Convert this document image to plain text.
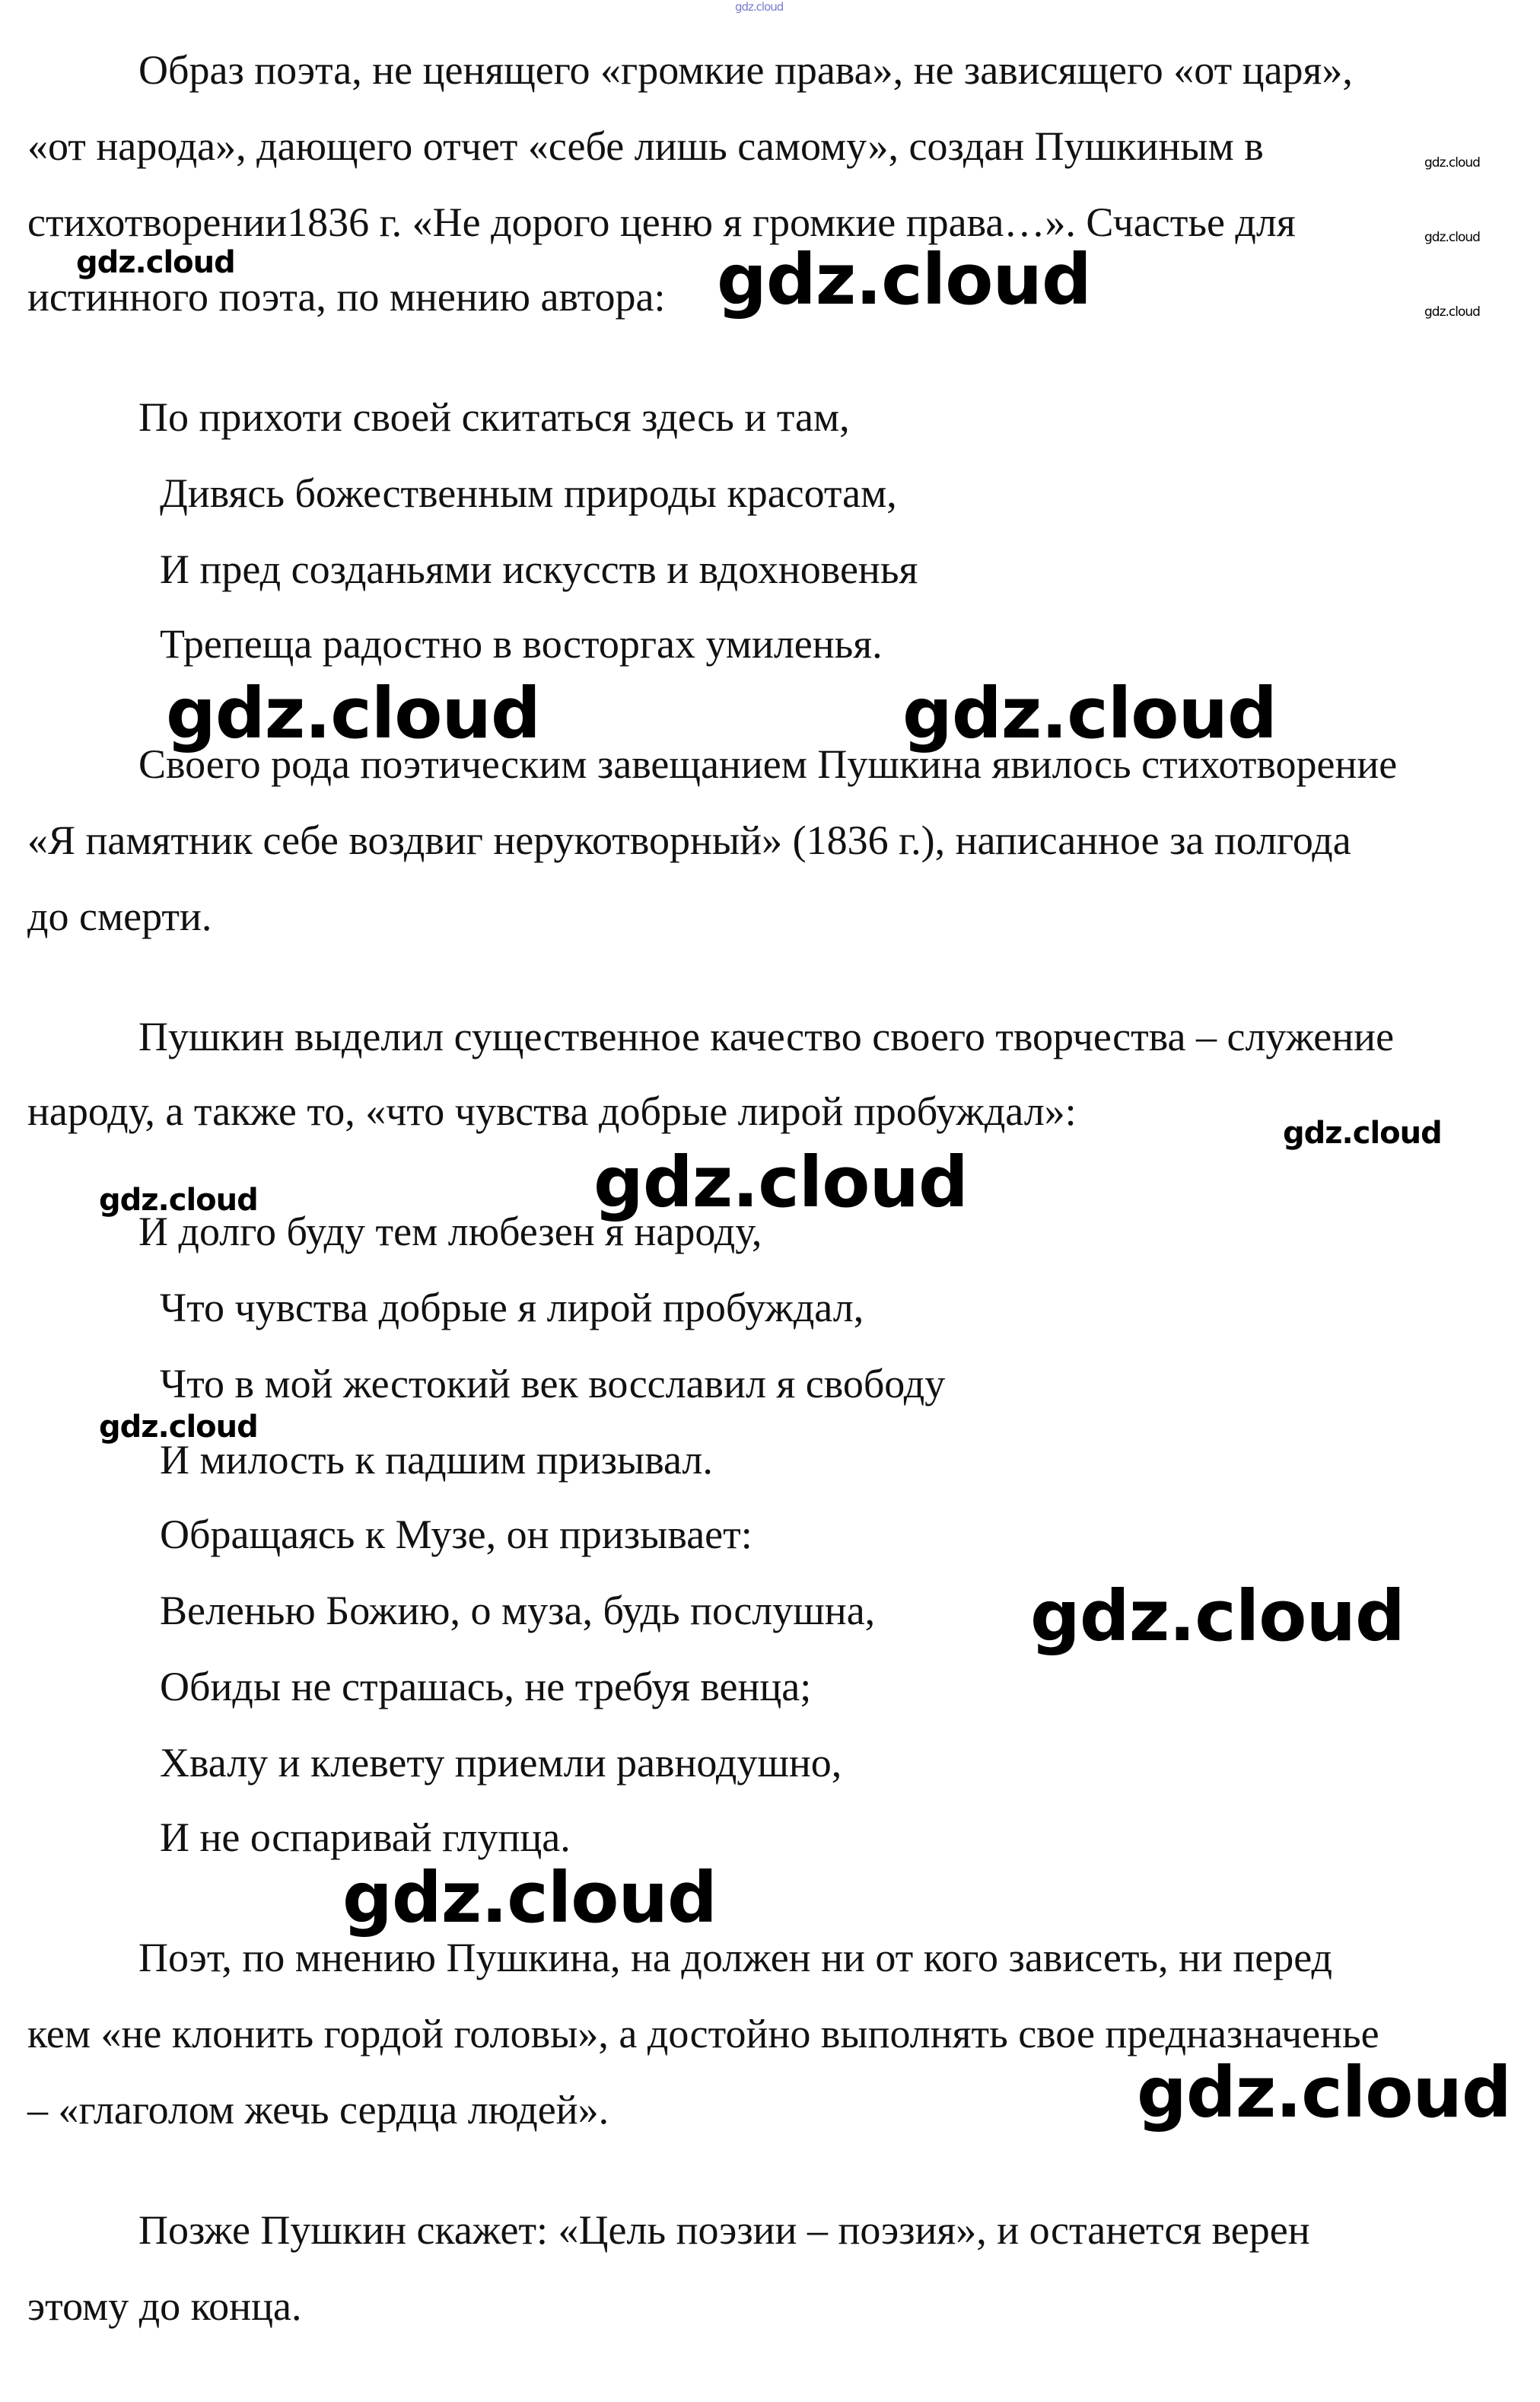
Образ поэта, не ценящего «громкие права», не зависящего «от царя»,
«от народа», дающего отчет «себе лишь самому», создан Пушкиным в
стихотворении1836 г. «Не дорого ценю я громкие права…». Счастье для
истинного поэта, по мнению автора:
По прихоти своей скитаться здесь и там,
Дивясь божественным природы красотам,
И пред созданьями искусств и вдохновенья
Трепеща радостно в восторгах умиленья.
Своего рода поэтическим завещанием Пушкина явилось стихотворение
«Я памятник себе воздвиг нерукотворный» (1836 г.), написанное за полгода
до смерти.
Пушкин выделил существенное качество своего творчества – служение
народу, а также то, «что чувства добрые лирой пробуждал»:
И долго буду тем любезен я народу,
Что чувства добрые я лирой пробуждал,
Что в мой жестокий век восславил я свободу
И милость к падшим призывал.
Обращаясь к Музе, он призывает:
Веленью Божию, о муза, будь послушна,
Обиды не страшась, не требуя венца;
Хвалу и клевету приемли равнодушно,
И не оспаривай глупца.
Поэт, по мнению Пушкина, на должен ни от кого зависеть, ни перед
кем «не клонить гордой головы», а достойно выполнять свое предназначенье
– «глаголом жечь сердца людей».
Позже Пушкин скажет: «Цель поэзии – поэзия», и останется верен
этому до конца.
gdz.cloud
gdz.cloud
gdz.cloud
gdz.cloud
gdz.cloud	gdz.cloud
gdz.cloud	gdz.cloud
gdz.cloud
gdz.cloud
gdz.cloud
gdz.cloud
gdz.cloud
gdz.cloud
gdz.cloud
